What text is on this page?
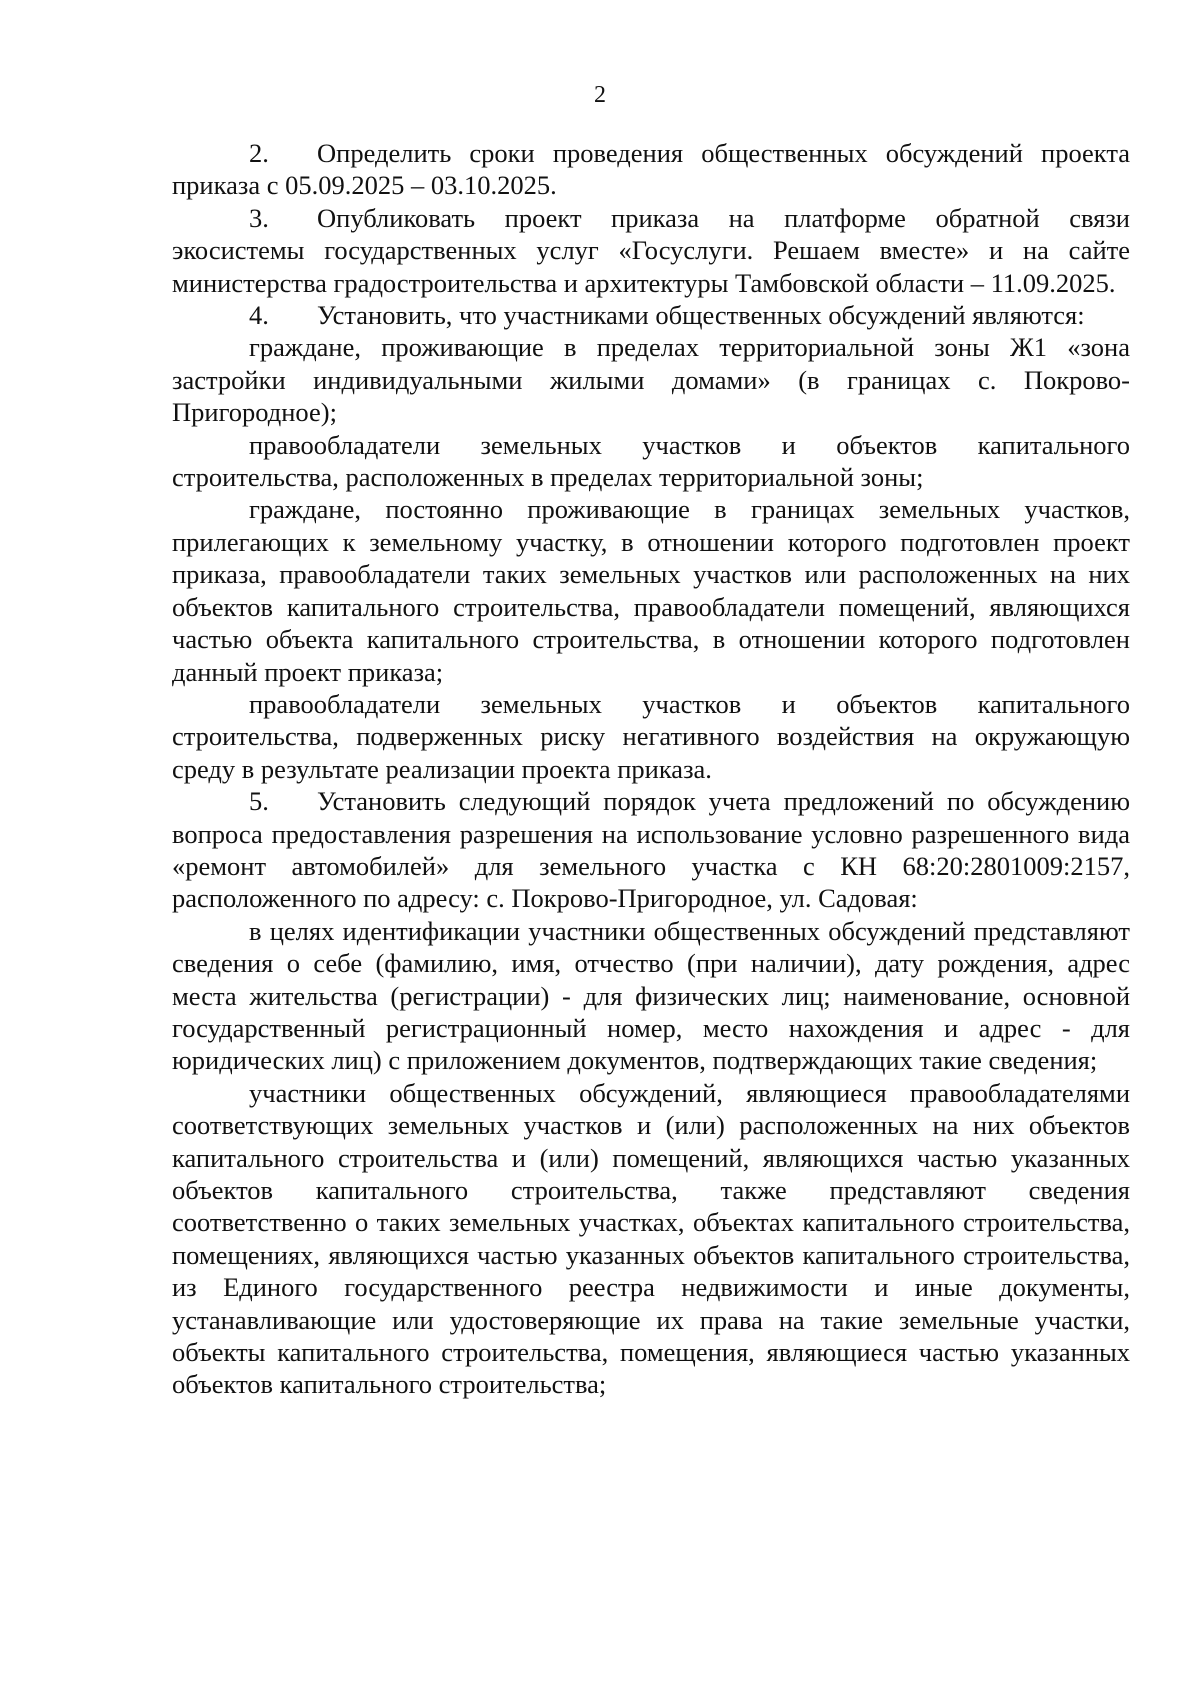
2

2. Определить сроки проведения общественных обсуждений проекта приказа с 05.09.2025 – 03.10.2025.

3. Опубликовать проект приказа на платформе обратной связи экосистемы государственных услуг «Госуслуги. Решаем вместе» и на сайте министерства градостроительства и архитектуры Тамбовской области – 11.09.2025.

4. Установить, что участниками общественных обсуждений являются:

граждане, проживающие в пределах территориальной зоны Ж1 «зона застройки индивидуальными жилыми домами» (в границах с. Покрово- Пригородное);

правообладатели земельных участков и объектов капитального строительства, расположенных в пределах территориальной зоны;

граждане, постоянно проживающие в границах земельных участков, прилегающих к земельному участку, в отношении которого подготовлен проект приказа, правообладатели таких земельных участков или расположенных на них объектов капитального строительства, правообладатели помещений, являющихся частью объекта капитального строительства, в отношении которого подготовлен данный проект приказа;

правообладатели земельных участков и объектов капитального строительства, подверженных риску негативного воздействия на окружающую среду в результате реализации проекта приказа.

5. Установить следующий порядок учета предложений по обсуждению вопроса предоставления разрешения на использование условно разрешенного вида «ремонт автомобилей» для земельного участка с КН 68:20:2801009:2157, расположенного по адресу: с. Покрово-Пригородное, ул. Садовая:

в целях идентификации участники общественных обсуждений представляют сведения о себе (фамилию, имя, отчество (при наличии), дату рождения, адрес места жительства (регистрации) - для физических лиц; наименование, основной государственный регистрационный номер, место нахождения и адрес - для юридических лиц) с приложением документов, подтверждающих такие сведения;

участники общественных обсуждений, являющиеся правообладателями соответствующих земельных участков и (или) расположенных на них объектов капитального строительства и (или) помещений, являющихся частью указанных объектов капитального строительства, также представляют сведения соответственно о таких земельных участках, объектах капитального строительства, помещениях, являющихся частью указанных объектов капитального строительства, из Единого государственного реестра недвижимости и иные документы, устанавливающие или удостоверяющие их права на такие земельные участки, объекты капитального строительства, помещения, являющиеся частью указанных объектов капитального строительства;
